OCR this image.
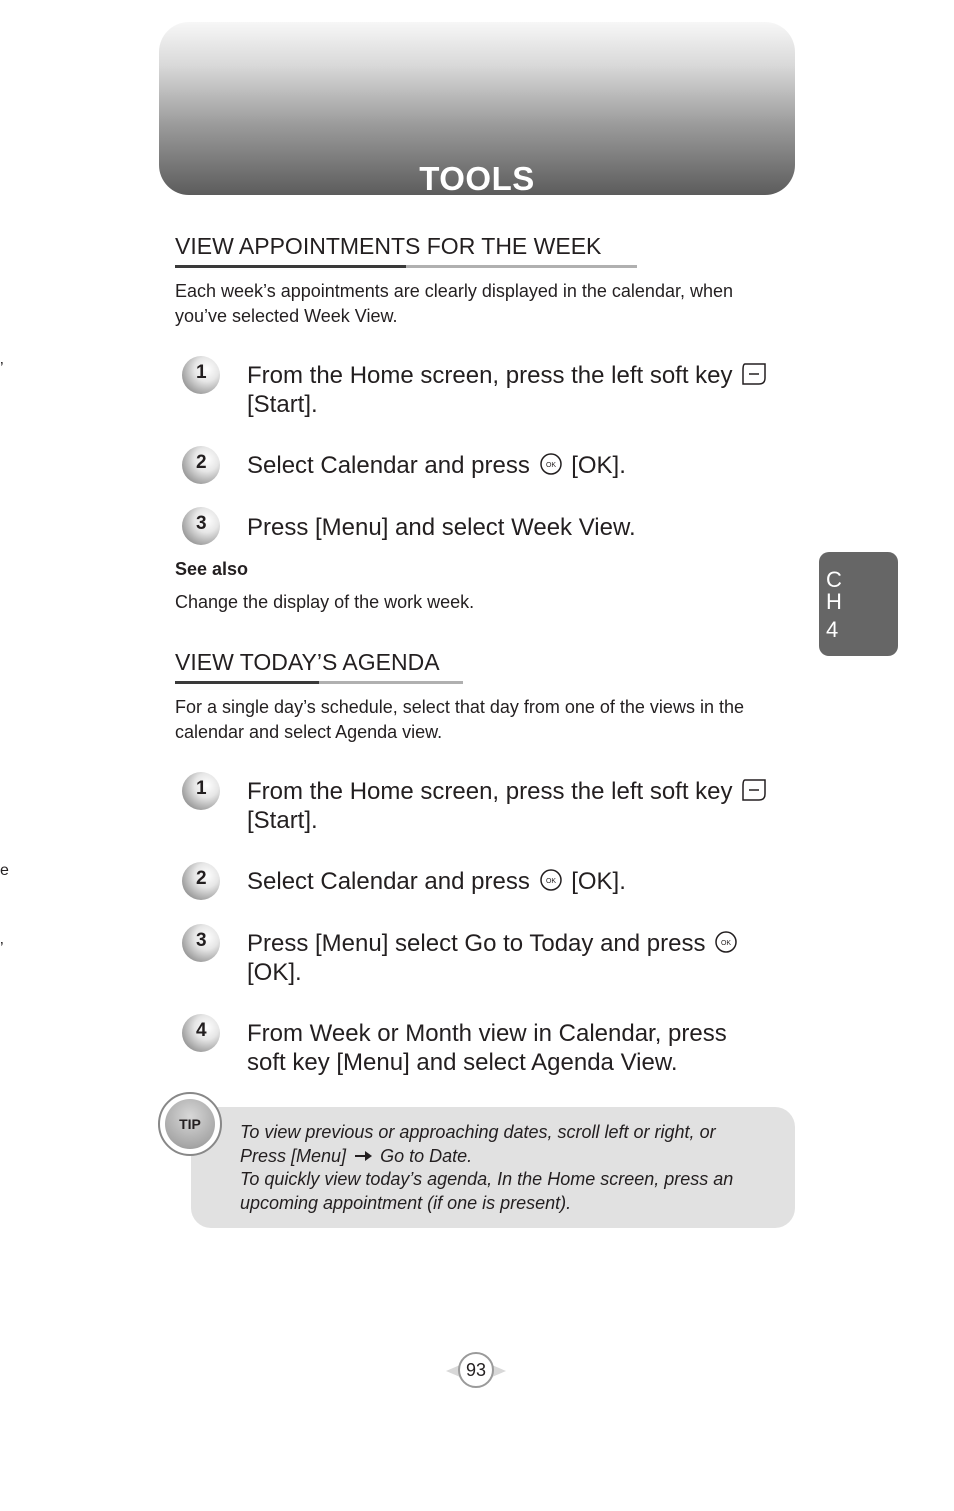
TOOLS
VIEW APPOINTMENTS FOR THE WEEK
Each week’s appointments are clearly displayed in the calendar, when
you’ve selected Week View.
1 From the Home screen, press the left soft key
[Start].
2 Select Calendar and press OK [OK].
3 Press [Menu] and select Week View.
See also
Change the display of the work week.
C
H
4
VIEW TODAY’S AGENDA
For a single day’s schedule, select that day from one of the views in the
calendar and select Agenda view.
1 From the Home screen, press the left soft key
[Start].
2 Select Calendar and press OK [OK].
3 Press [Menu] select Go to Today and press OK

[OK].
4 From Week or Month view in Calendar, press
soft key [Menu] and select Agenda View.
TIP	To view previous or approaching dates, scroll left or right, or
Press [Menu] Go to Date.
To quickly view today’s agenda, In the Home screen, press an
upcoming appointment (if one is present).
93
’
e
’
